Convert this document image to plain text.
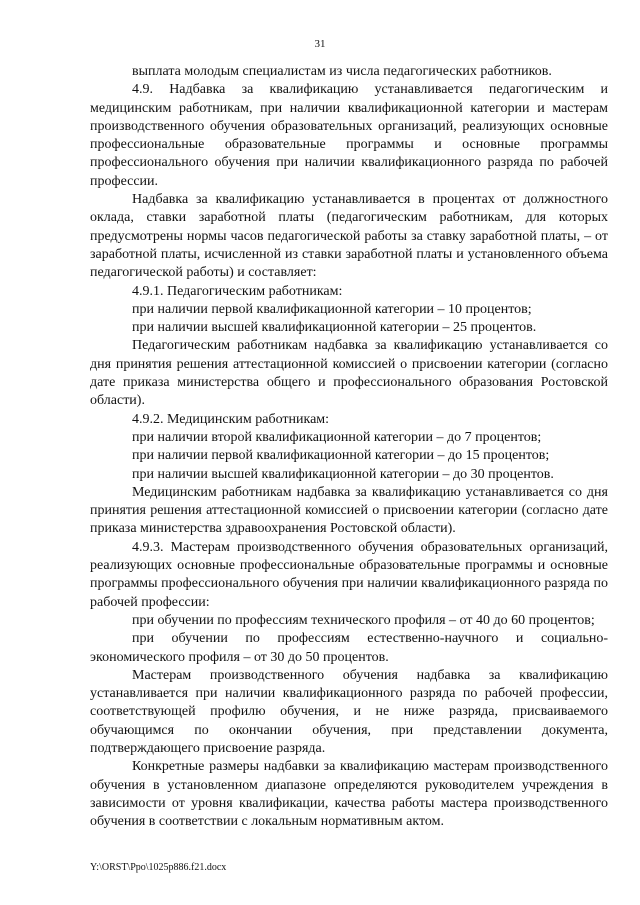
31

выплата молодым специалистам из числа педагогических работников.

4.9. Надбавка за квалификацию устанавливается педагогическим и медицинским работникам, при наличии квалификационной категории и мастерам производственного обучения образовательных организаций, реализующих основные профессиональные образовательные программы и основные программы профессионального обучения при наличии квалификационного разряда по рабочей профессии.

Надбавка за квалификацию устанавливается в процентах от должностного оклада, ставки заработной платы (педагогическим работникам, для которых предусмотрены нормы часов педагогической работы за ставку заработной платы, – от заработной платы, исчисленной из ставки заработной платы и установленного объема педагогической работы) и составляет:

4.9.1. Педагогическим работникам:

при наличии первой квалификационной категории – 10 процентов;

при наличии высшей квалификационной категории – 25 процентов.

Педагогическим работникам надбавка за квалификацию устанавливается со дня принятия решения аттестационной комиссией о присвоении категории (согласно дате приказа министерства общего и профессионального образования Ростовской области).

4.9.2. Медицинским работникам:

при наличии второй квалификационной категории – до 7 процентов;

при наличии первой квалификационной категории – до 15 процентов;

при наличии высшей квалификационной категории – до 30 процентов.

Медицинским работникам надбавка за квалификацию устанавливается со дня принятия решения аттестационной комиссией о присвоении категории (согласно дате приказа министерства здравоохранения Ростовской области).

4.9.3. Мастерам производственного обучения образовательных организаций, реализующих основные профессиональные образовательные программы и основные программы профессионального обучения при наличии квалификационного разряда по рабочей профессии:

при обучении по профессиям технического профиля – от 40 до 60 процентов;

при обучении по профессиям естественно-научного и социально-экономического профиля – от 30 до 50 процентов.

Мастерам производственного обучения надбавка за квалификацию устанавливается при наличии квалификационного разряда по рабочей профессии, соответствующей профилю обучения, и не ниже разряда, присваиваемого обучающимся по окончании обучения, при представлении документа, подтверждающего присвоение разряда.

Конкретные размеры надбавки за квалификацию мастерам производственного обучения в установленном диапазоне определяются руководителем учреждения в зависимости от уровня квалификации, качества работы мастера производственного обучения в соответствии с локальным нормативным актом.

Y:\ORST\Ppo\1025p886.f21.docx
